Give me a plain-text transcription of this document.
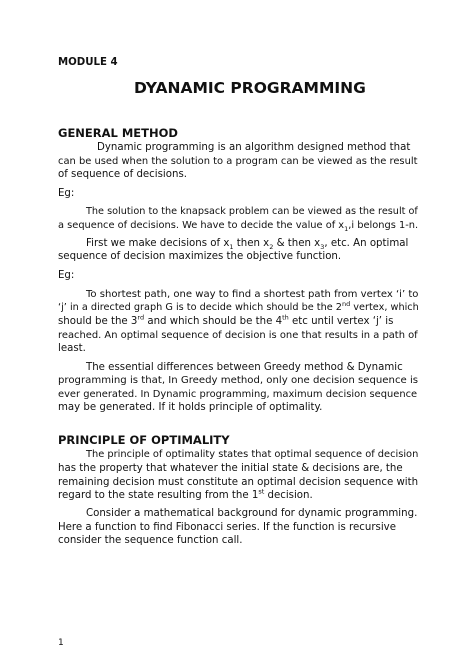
MODULE 4
DYANAMIC PROGRAMMING
GENERAL METHOD
Dynamic programming is an algorithm designed method that
can be used when the solution to a program can be viewed as the result
of sequence of decisions.
Eg:
The solution to the knapsack problem can be viewed as the result of
a sequence of decisions. We have to decide the value of $x_1,i$ belongs 1-n.
First we make decisions of $x_1$ then $x_2$ & then $x_3$, etc. An optimal
sequence of decision maximizes the objective function.
Eg:
To shortest path, one way to find a shortest path from vertex ‘i’ to
‘j’ in a directed graph G is to decide which should be the 2nd vertex, which
should be the 3rd and which should be the 4th etc until vertex ‘j’ is
reached. An optimal sequence of decision is one that results in a path of
least.
The essential differences between Greedy method & Dynamic
programming is that, In Greedy method, only one decision sequence is
ever generated. In Dynamic programming, maximum decision sequence
may be generated. If it holds principle of optimality.
PRINCIPLE OF OPTIMALITY
The principle of optimality states that optimal sequence of decision
has the property that whatever the initial state & decisions are, the
remaining decision must constitute an optimal decision sequence with
regard to the state resulting from the 1st decision.
Consider a mathematical background for dynamic programming.
Here a function to find Fibonacci series. If the function is recursive
consider the sequence function call.
1
